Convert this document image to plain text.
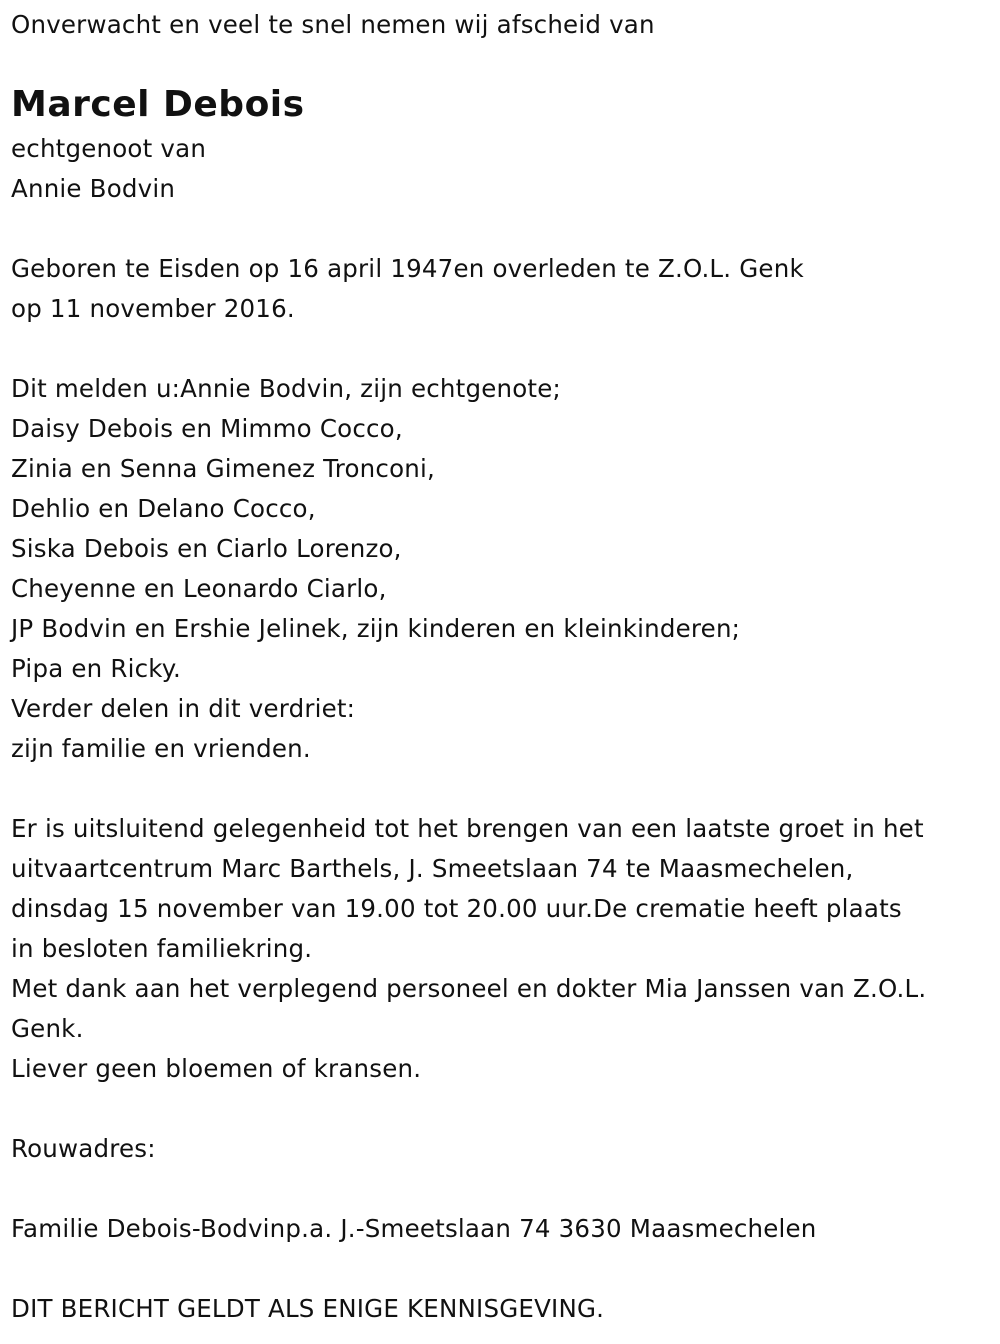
Onverwacht en veel te snel nemen wij afscheid van
Marcel Debois
echtgenoot van
Annie Bodvin
Geboren te Eisden op 16 april 1947en overleden te Z.O.L. Genk
op 11 november 2016.
Dit melden u:Annie Bodvin, zijn echtgenote;
Daisy Debois en Mimmo Cocco,
Zinia en Senna Gimenez Tronconi,
Dehlio en Delano Cocco,
Siska Debois en Ciarlo Lorenzo,
Cheyenne en Leonardo Ciarlo,
JP Bodvin en Ershie Jelinek, zijn kinderen en kleinkinderen;
Pipa en Ricky.
Verder delen in dit verdriet:
zijn familie en vrienden.
Er is uitsluitend gelegenheid tot het brengen van een laatste groet in het
uitvaartcentrum Marc Barthels, J. Smeetslaan 74 te Maasmechelen,
dinsdag 15 november van 19.00 tot 20.00 uur.De crematie heeft plaats
in besloten familiekring.
Met dank aan het verplegend personeel en dokter Mia Janssen van Z.O.L.
Genk.
Liever geen bloemen of kransen.
Rouwadres:
Familie Debois-Bodvinp.a. J.-Smeetslaan 74 3630 Maasmechelen
DIT BERICHT GELDT ALS ENIGE KENNISGEVING.
